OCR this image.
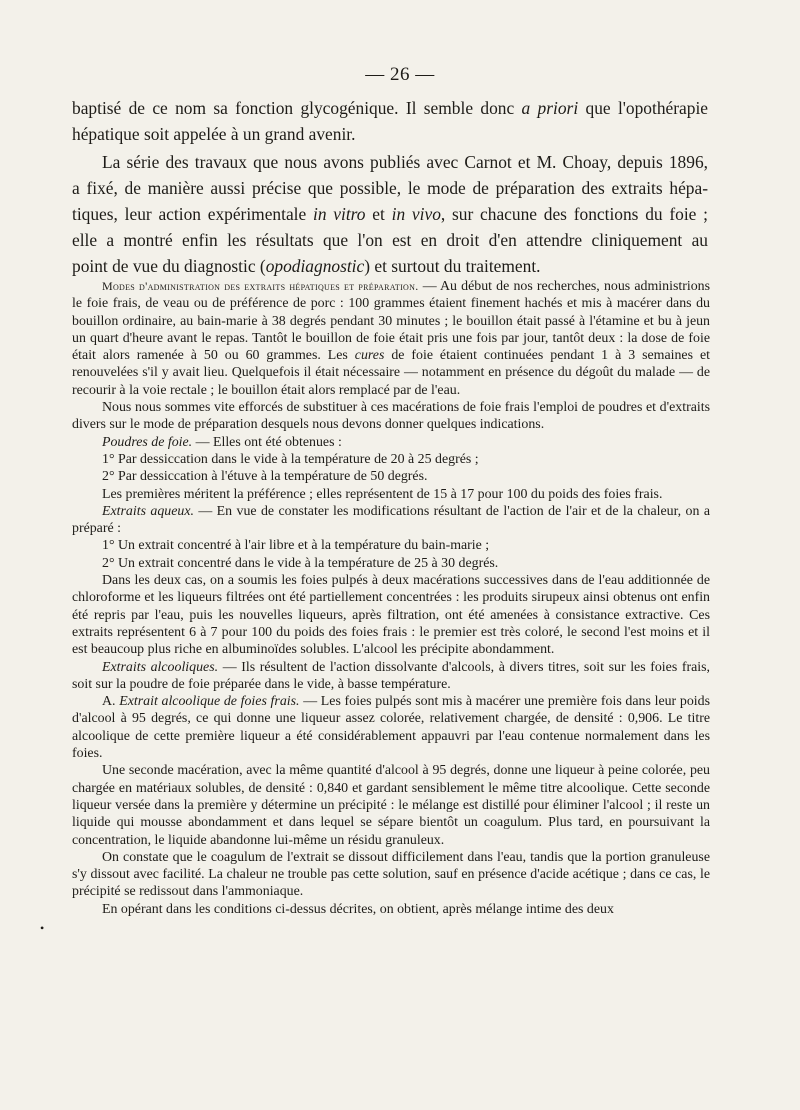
— 26 —
baptisé de ce nom sa fonction glycogénique. Il semble donc a priori que l'opothérapie
hépatique soit appelée à un grand avenir.
La série des travaux que nous avons publiés avec Carnot et M. Choay, depuis 1896,
a fixé, de manière aussi précise que possible, le mode de préparation des extraits hépa-
tiques, leur action expérimentale in vitro et in vivo, sur chacune des fonctions du foie ;
elle a montré enfin les résultats que l'on est en droit d'en attendre cliniquement au
point de vue du diagnostic (opodiagnostic) et surtout du traitement.

Modes d'administration des extraits hépatiques et préparation. — Au début de nos recherches, nous administrions le foie frais, de veau ou de préférence de porc : 100 grammes étaient finement hachés et mis à macérer dans du bouillon ordinaire, au bain-marie à 38 degrés pendant 30 minutes ; le bouillon était passé à l'étamine et bu à jeun un quart d'heure avant le repas. Tantôt le bouillon de foie était pris une fois par jour, tantôt deux : la dose de foie était alors ramenée à 50 ou 60 grammes. Les cures de foie étaient continuées pendant 1 à 3 semaines et renouvelées s'il y avait lieu. Quelquefois il était nécessaire — notamment en présence du dégoût du malade — de recourir à la voie rectale ; le bouillon était alors remplacé par de l'eau.

Nous nous sommes vite efforcés de substituer à ces macérations de foie frais l'emploi de poudres et d'extraits divers sur le mode de préparation desquels nous devons donner quelques indications.

Poudres de foie. — Elles ont été obtenues :

1° Par dessiccation dans le vide à la température de 20 à 25 degrés ;

2° Par dessiccation à l'étuve à la température de 50 degrés.

Les premières méritent la préférence ; elles représentent de 15 à 17 pour 100 du poids des foies frais.

Extraits aqueux. — En vue de constater les modifications résultant de l'action de l'air et de la chaleur, on a préparé :

1° Un extrait concentré à l'air libre et à la température du bain-marie ;

2° Un extrait concentré dans le vide à la température de 25 à 30 degrés.

Dans les deux cas, on a soumis les foies pulpés à deux macérations successives dans de l'eau additionnée de chloroforme et les liqueurs filtrées ont été partiellement concentrées : les produits sirupeux ainsi obtenus ont enfin été repris par l'eau, puis les nouvelles liqueurs, après filtration, ont été amenées à consistance extractive. Ces extraits représentent 6 à 7 pour 100 du poids des foies frais : le premier est très coloré, le second l'est moins et il est beaucoup plus riche en albuminoïdes solubles. L'alcool les précipite abondamment.

Extraits alcooliques. — Ils résultent de l'action dissolvante d'alcools, à divers titres, soit sur les foies frais, soit sur la poudre de foie préparée dans le vide, à basse température.

A. Extrait alcoolique de foies frais. — Les foies pulpés sont mis à macérer une première fois dans leur poids d'alcool à 95 degrés, ce qui donne une liqueur assez colorée, relativement chargée, de densité : 0,906. Le titre alcoolique de cette première liqueur a été considérablement appauvri par l'eau contenue normalement dans les foies.

Une seconde macération, avec la même quantité d'alcool à 95 degrés, donne une liqueur à peine colorée, peu chargée en matériaux solubles, de densité : 0,840 et gardant sensiblement le même titre alcoolique. Cette seconde liqueur versée dans la première y détermine un précipité : le mélange est distillé pour éliminer l'alcool ; il reste un liquide qui mousse abondamment et dans lequel se sépare bientôt un coagulum. Plus tard, en poursuivant la concentration, le liquide abandonne lui-même un résidu granuleux.

On constate que le coagulum de l'extrait se dissout difficilement dans l'eau, tandis que la portion granuleuse s'y dissout avec facilité. La chaleur ne trouble pas cette solution, sauf en présence d'acide acétique ; dans ce cas, le précipité se redissout dans l'ammoniaque.

En opérant dans les conditions ci-dessus décrites, on obtient, après mélange intime des deux

•
